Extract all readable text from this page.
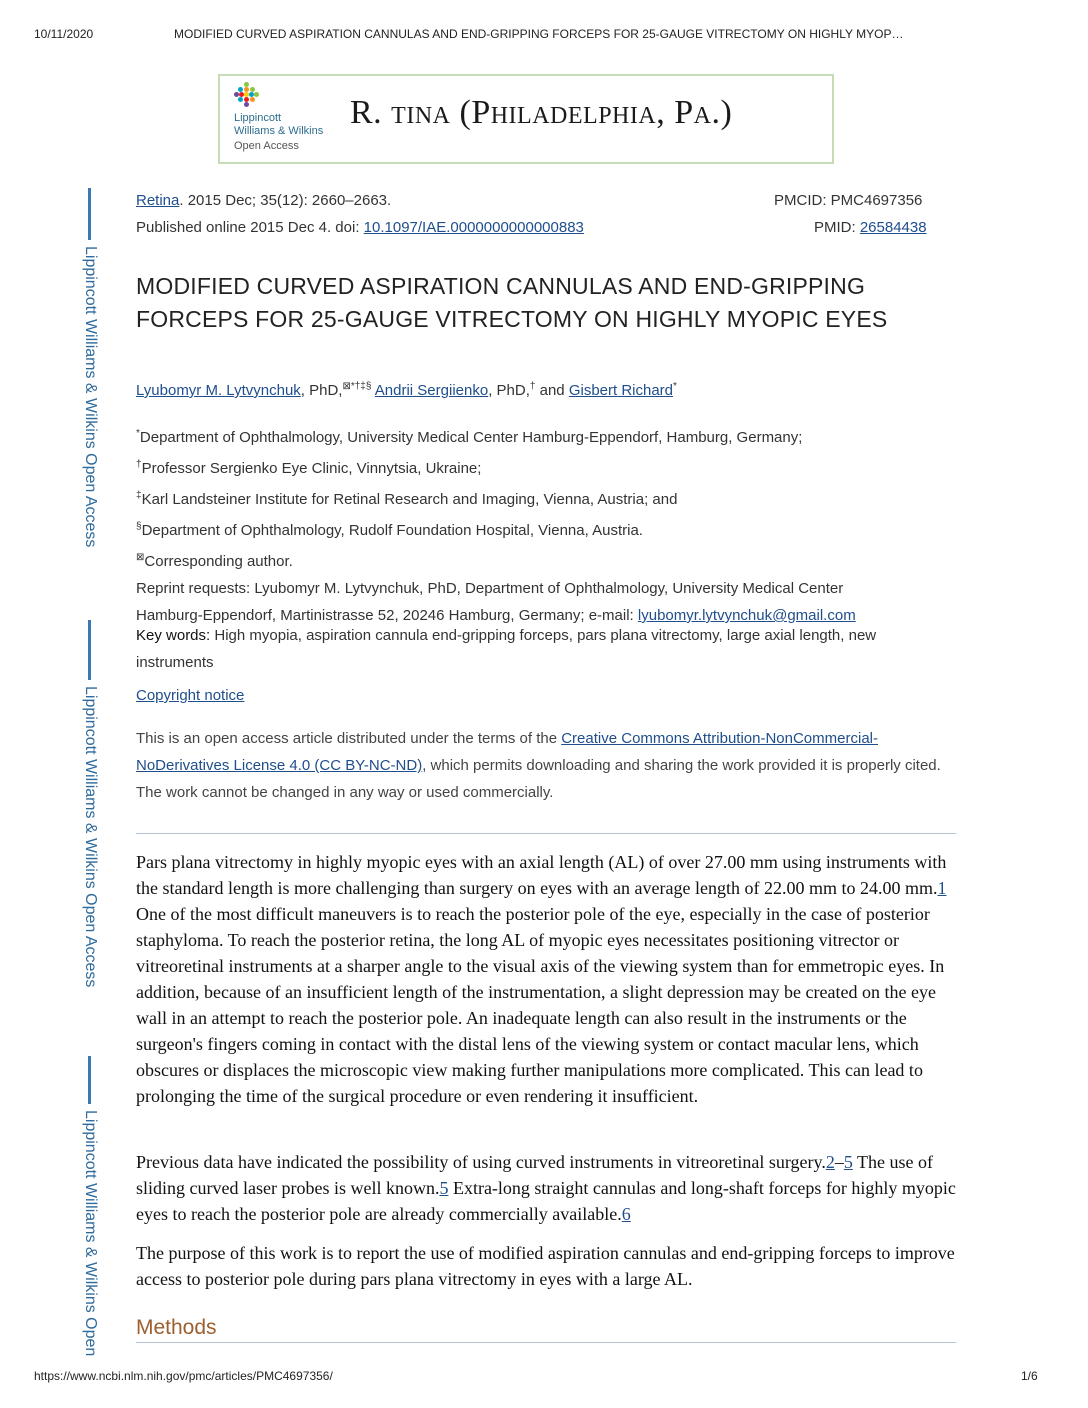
10/11/2020	MODIFIED CURVED ASPIRATION CANNULAS AND END-GRIPPING FORCEPS FOR 25-GAUGE VITRECTOMY ON HIGHLY MYOP…
Lippincott
Williams & Wilkins
Open Access
R. tina (Philadelphia, Pa.)
Lippincott Williams & Wilkins Open Access
Lippincott Williams & Wilkins Open Access
Lippincott Williams & Wilkins Open
Retina. 2015 Dec; 35(12): 2660–2663.	PMCID: PMC4697356
Published online 2015 Dec 4. doi: 10.1097/IAE.0000000000000883	PMID: 26584438
MODIFIED CURVED ASPIRATION CANNULAS AND END-GRIPPING FORCEPS FOR 25-GAUGE VITRECTOMY ON HIGHLY MYOPIC EYES
Lyubomyr M. Lytvynchuk, PhD,⊠*†‡§ Andrii Sergiienko, PhD,† and Gisbert Richard*
*Department of Ophthalmology, University Medical Center Hamburg-Eppendorf, Hamburg, Germany;
†Professor Sergienko Eye Clinic, Vinnytsia, Ukraine;
‡Karl Landsteiner Institute for Retinal Research and Imaging, Vienna, Austria; and
§Department of Ophthalmology, Rudolf Foundation Hospital, Vienna, Austria.
⊠Corresponding author.
Reprint requests: Lyubomyr M. Lytvynchuk, PhD, Department of Ophthalmology, University Medical Center
Hamburg-Eppendorf, Martinistrasse 52, 20246 Hamburg, Germany; e-mail: lyubomyr.lytvynchuk@gmail.com
Key words: High myopia, aspiration cannula end-gripping forceps, pars plana vitrectomy, large axial length, new instruments
Copyright notice
This is an open access article distributed under the terms of the Creative Commons Attribution-NonCommercial-NoDerivatives License 4.0 (CC BY-NC-ND), which permits downloading and sharing the work provided it is properly cited. The work cannot be changed in any way or used commercially.
Pars plana vitrectomy in highly myopic eyes with an axial length (AL) of over 27.00 mm using instruments with the standard length is more challenging than surgery on eyes with an average length of 22.00 mm to 24.00 mm.1 One of the most difficult maneuvers is to reach the posterior pole of the eye, especially in the case of posterior staphyloma. To reach the posterior retina, the long AL of myopic eyes necessitates positioning vitrector or vitreoretinal instruments at a sharper angle to the visual axis of the viewing system than for emmetropic eyes. In addition, because of an insufficient length of the instrumentation, a slight depression may be created on the eye wall in an attempt to reach the posterior pole. An inadequate length can also result in the instruments or the surgeon's fingers coming in contact with the distal lens of the viewing system or contact macular lens, which obscures or displaces the microscopic view making further manipulations more complicated. This can lead to prolonging the time of the surgical procedure or even rendering it insufficient.
Previous data have indicated the possibility of using curved instruments in vitreoretinal surgery.2–5 The use of sliding curved laser probes is well known.5 Extra-long straight cannulas and long-shaft forceps for highly myopic eyes to reach the posterior pole are already commercially available.6
The purpose of this work is to report the use of modified aspiration cannulas and end-gripping forceps to improve access to posterior pole during pars plana vitrectomy in eyes with a large AL.
Methods
https://www.ncbi.nlm.nih.gov/pmc/articles/PMC4697356/	1/6
